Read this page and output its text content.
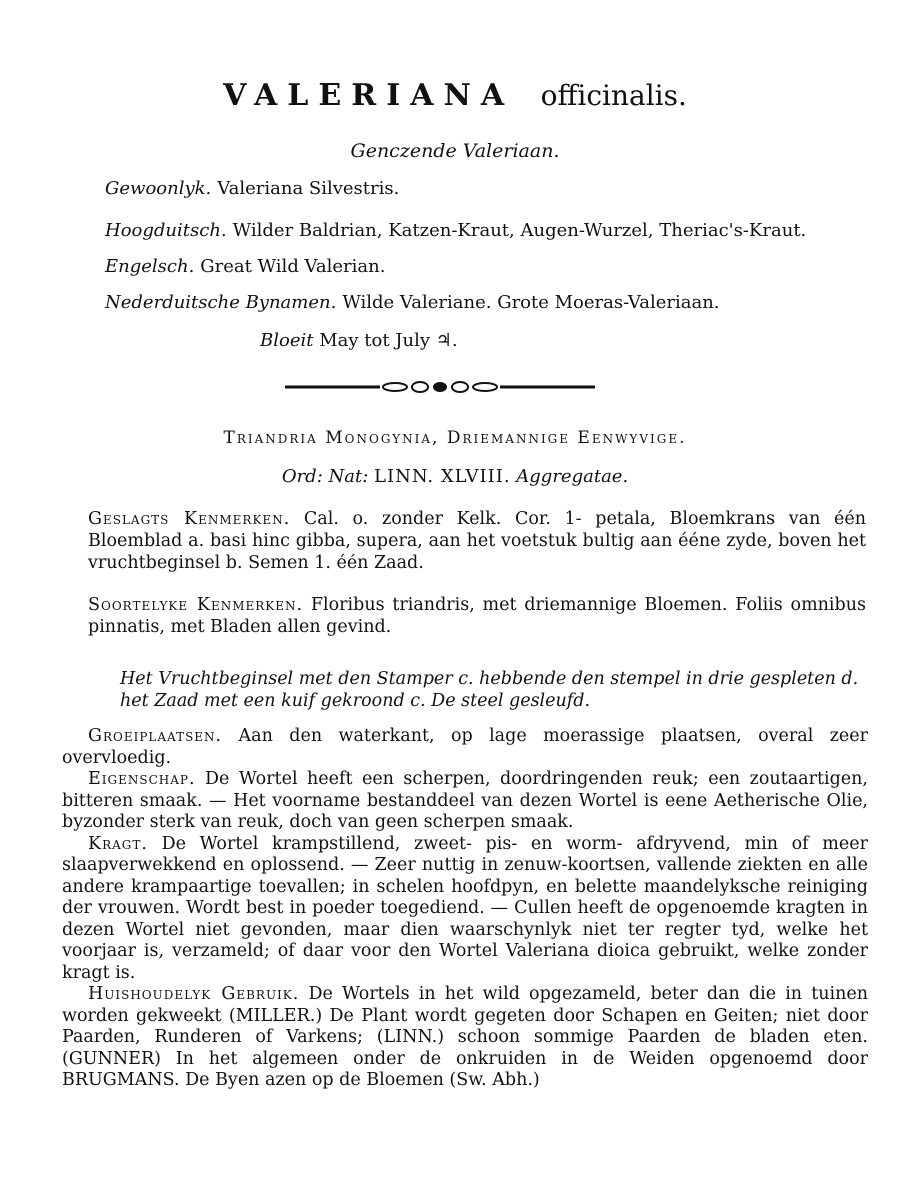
VALERIANA officinalis.
Genczende Valeriaan.
Gewoonlyk. Valeriana Silvestris.
Hoogduitsch. Wilder Baldrian, Katzen-Kraut, Augen-Wurzel, Theriac's-Kraut.
Engelsch. Great Wild Valerian.
Nederduitsche Bynamen. Wilde Valeriane. Grote Moeras-Valeriaan.
Bloeit May tot July ♃.
Triandria Monogynia, Driemannige Eenwyvige.
Ord: Nat: LINN. XLVIII. Aggregatae.
Geslagts Kenmerken. Cal. o. zonder Kelk. Cor. 1- petala, Bloemkrans van één Bloemblad a. basi hinc gibba, supera, aan het voetstuk bultig aan ééne zyde, boven het vruchtbeginsel b. Semen 1. één Zaad.
Soortelyke Kenmerken. Floribus triandris, met driemannige Bloemen. Foliis omnibus pinnatis, met Bladen allen gevind.
Het Vruchtbeginsel met den Stamper c. hebbende den stempel in drie gespleten d. het Zaad met een kuif gekroond c. De steel gesleufd.

Groeiplaatsen. Aan den waterkant, op lage moerassige plaatsen, overal zeer overvloedig.

Eigenschap. De Wortel heeft een scherpen, doordringenden reuk; een zoutaartigen, bitteren smaak. — Het voorname bestanddeel van dezen Wortel is eene Aetherische Olie, byzonder sterk van reuk, doch van geen scherpen smaak.

Kragt. De Wortel krampstillend, zweet- pis- en worm- afdryvend, min of meer slaapverwekkend en oplossend. — Zeer nuttig in zenuw-koortsen, vallende ziekten en alle andere krampaartige toevallen; in schelen hoofdpyn, en belette maandelyksche reiniging der vrouwen. Wordt best in poeder toegediend. — Cullen heeft de opgenoemde kragten in dezen Wortel niet gevonden, maar dien waarschynlyk niet ter regter tyd, welke het voorjaar is, verzameld; of daar voor den Wortel Valeriana dioica gebruikt, welke zonder kragt is.

Huishoudelyk Gebruik. De Wortels in het wild opgezameld, beter dan die in tuinen worden gekweekt (MILLER.) De Plant wordt gegeten door Schapen en Geiten; niet door Paarden, Runderen of Varkens; (LINN.) schoon sommige Paarden de bladen eten. (GUNNER) In het algemeen onder de onkruiden in de Weiden opgenoemd door BRUGMANS. De Byen azen op de Bloemen (Sw. Abh.)
